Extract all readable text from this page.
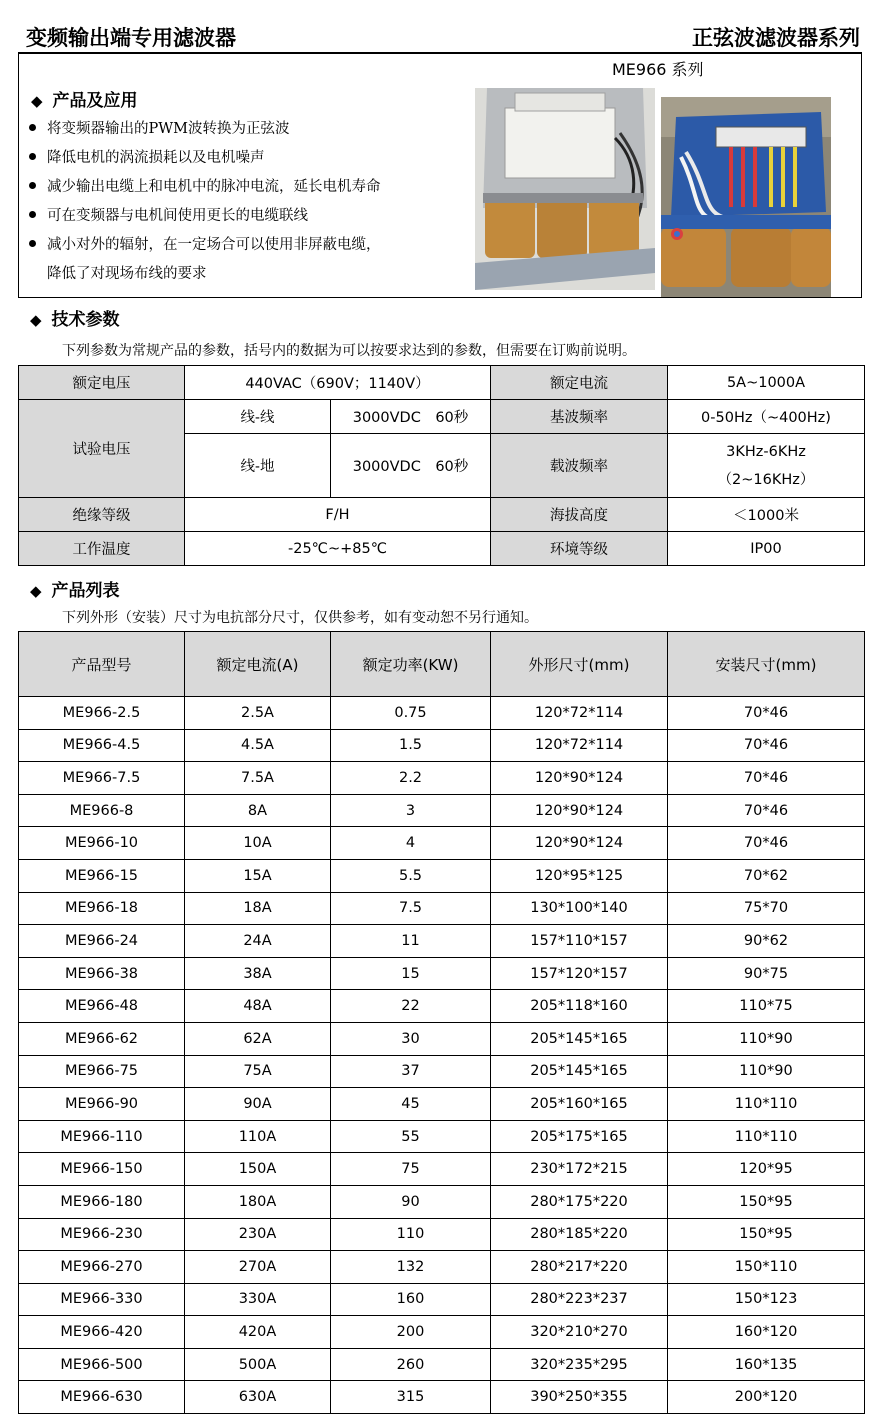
变频输出端专用滤波器	正弦波滤波器系列
ME966 系列
◆ 产品及应用
将变频器输出的PWM波转换为正弦波
降低电机的涡流损耗以及电机噪声
减少输出电缆上和电机中的脉冲电流，延长电机寿命
可在变频器与电机间使用更长的电缆联线
减小对外的辐射，在一定场合可以使用非屏蔽电缆，
降低了对现场布线的要求
◆ 技术参数
下列参数为常规产品的参数，括号内的数据为可以按要求达到的参数，但需要在订购前说明。
额定电压	440VAC（690V；1140V）		额定电流	5A~1000A
试验电压	线-线	3000VDC　60秒	基波频率	0-50Hz（~400Hz)
	线-地	3000VDC　60秒	载波频率	3KHz-6KHz
（2~16KHz）

绝缘等级	F/H		海拔高度	＜1000米
工作温度	-25℃~+85℃		环境等级	IP00
◆ 产品列表
下列外形（安装）尺寸为电抗部分尺寸，仅供参考，如有变动恕不另行通知。
产品型号	额定电流(A)	额定功率(KW)	外形尺寸(mm)	安装尺寸(mm)
ME966-2.5	2.5A	0.75	120*72*114	70*46
ME966-4.5	4.5A	1.5	120*72*114	70*46
ME966-7.5	7.5A	2.2	120*90*124	70*46
ME966-8	8A	3	120*90*124	70*46
ME966-10	10A	4	120*90*124	70*46
ME966-15	15A	5.5	120*95*125	70*62
ME966-18	18A	7.5	130*100*140	75*70
ME966-24	24A	11	157*110*157	90*62
ME966-38	38A	15	157*120*157	90*75
ME966-48	48A	22	205*118*160	110*75
ME966-62	62A	30	205*145*165	110*90
ME966-75	75A	37	205*145*165	110*90
ME966-90	90A	45	205*160*165	110*110
ME966-110	110A	55	205*175*165	110*110
ME966-150	150A	75	230*172*215	120*95
ME966-180	180A	90	280*175*220	150*95
ME966-230	230A	110	280*185*220	150*95
ME966-270	270A	132	280*217*220	150*110
ME966-330	330A	160	280*223*237	150*123
ME966-420	420A	200	320*210*270	160*120
ME966-500	500A	260	320*235*295	160*135
ME966-630	630A	315	390*250*355	200*120
